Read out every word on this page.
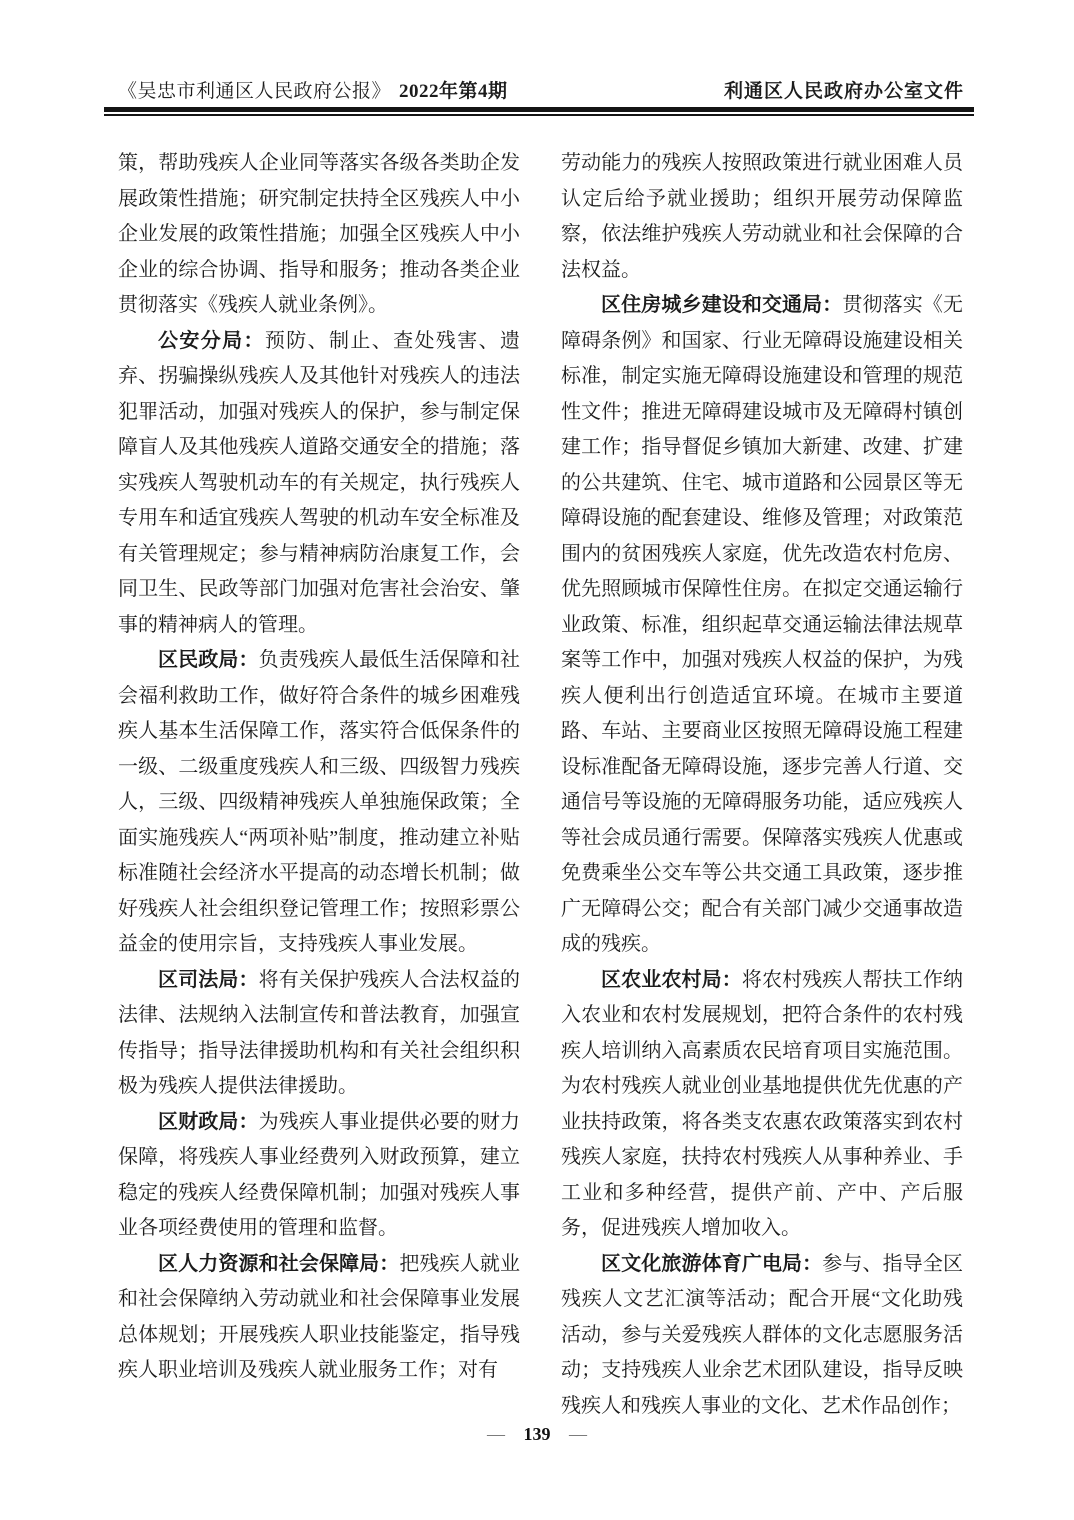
《吴忠市利通区人民政府公报》 2022年第4期	利通区人民政府办公室文件

策，帮助残疾人企业同等落实各级各类助企发展政策性措施；研究制定扶持全区残疾人中小企业发展的政策性措施；加强全区残疾人中小企业的综合协调、指导和服务；推动各类企业贯彻落实《残疾人就业条例》。

公安分局：预防、制止、查处残害、遗弃、拐骗操纵残疾人及其他针对残疾人的违法犯罪活动，加强对残疾人的保护，参与制定保障盲人及其他残疾人道路交通安全的措施；落实残疾人驾驶机动车的有关规定，执行残疾人专用车和适宜残疾人驾驶的机动车安全标准及有关管理规定；参与精神病防治康复工作，会同卫生、民政等部门加强对危害社会治安、肇事的精神病人的管理。

区民政局：负责残疾人最低生活保障和社会福利救助工作，做好符合条件的城乡困难残疾人基本生活保障工作，落实符合低保条件的一级、二级重度残疾人和三级、四级智力残疾人，三级、四级精神残疾人单独施保政策；全面实施残疾人“两项补贴”制度，推动建立补贴标准随社会经济水平提高的动态增长机制；做好残疾人社会组织登记管理工作；按照彩票公益金的使用宗旨，支持残疾人事业发展。

区司法局：将有关保护残疾人合法权益的法律、法规纳入法制宣传和普法教育，加强宣传指导；指导法律援助机构和有关社会组织积极为残疾人提供法律援助。

区财政局：为残疾人事业提供必要的财力保障，将残疾人事业经费列入财政预算，建立稳定的残疾人经费保障机制；加强对残疾人事业各项经费使用的管理和监督。

区人力资源和社会保障局：把残疾人就业和社会保障纳入劳动就业和社会保障事业发展总体规划；开展残疾人职业技能鉴定，指导残疾人职业培训及残疾人就业服务工作；对有

劳动能力的残疾人按照政策进行就业困难人员认定后给予就业援助；组织开展劳动保障监察，依法维护残疾人劳动就业和社会保障的合法权益。

区住房城乡建设和交通局：贯彻落实《无障碍条例》和国家、行业无障碍设施建设相关标准，制定实施无障碍设施建设和管理的规范性文件；推进无障碍建设城市及无障碍村镇创建工作；指导督促乡镇加大新建、改建、扩建的公共建筑、住宅、城市道路和公园景区等无障碍设施的配套建设、维修及管理；对政策范围内的贫困残疾人家庭，优先改造农村危房、优先照顾城市保障性住房。在拟定交通运输行业政策、标准，组织起草交通运输法律法规草案等工作中，加强对残疾人权益的保护，为残疾人便利出行创造适宜环境。在城市主要道路、车站、主要商业区按照无障碍设施工程建设标准配备无障碍设施，逐步完善人行道、交通信号等设施的无障碍服务功能，适应残疾人等社会成员通行需要。保障落实残疾人优惠或免费乘坐公交车等公共交通工具政策，逐步推广无障碍公交；配合有关部门减少交通事故造成的残疾。

区农业农村局：将农村残疾人帮扶工作纳入农业和农村发展规划，把符合条件的农村残疾人培训纳入高素质农民培育项目实施范围。为农村残疾人就业创业基地提供优先优惠的产业扶持政策，将各类支农惠农政策落实到农村残疾人家庭，扶持农村残疾人从事种养业、手工业和多种经营，提供产前、产中、产后服务，促进残疾人增加收入。

区文化旅游体育广电局：参与、指导全区残疾人文艺汇演等活动；配合开展“文化助残活动，参与关爱残疾人群体的文化志愿服务活动；支持残疾人业余艺术团队建设，指导反映残疾人和残疾人事业的文化、艺术作品创作；

— 139 —
